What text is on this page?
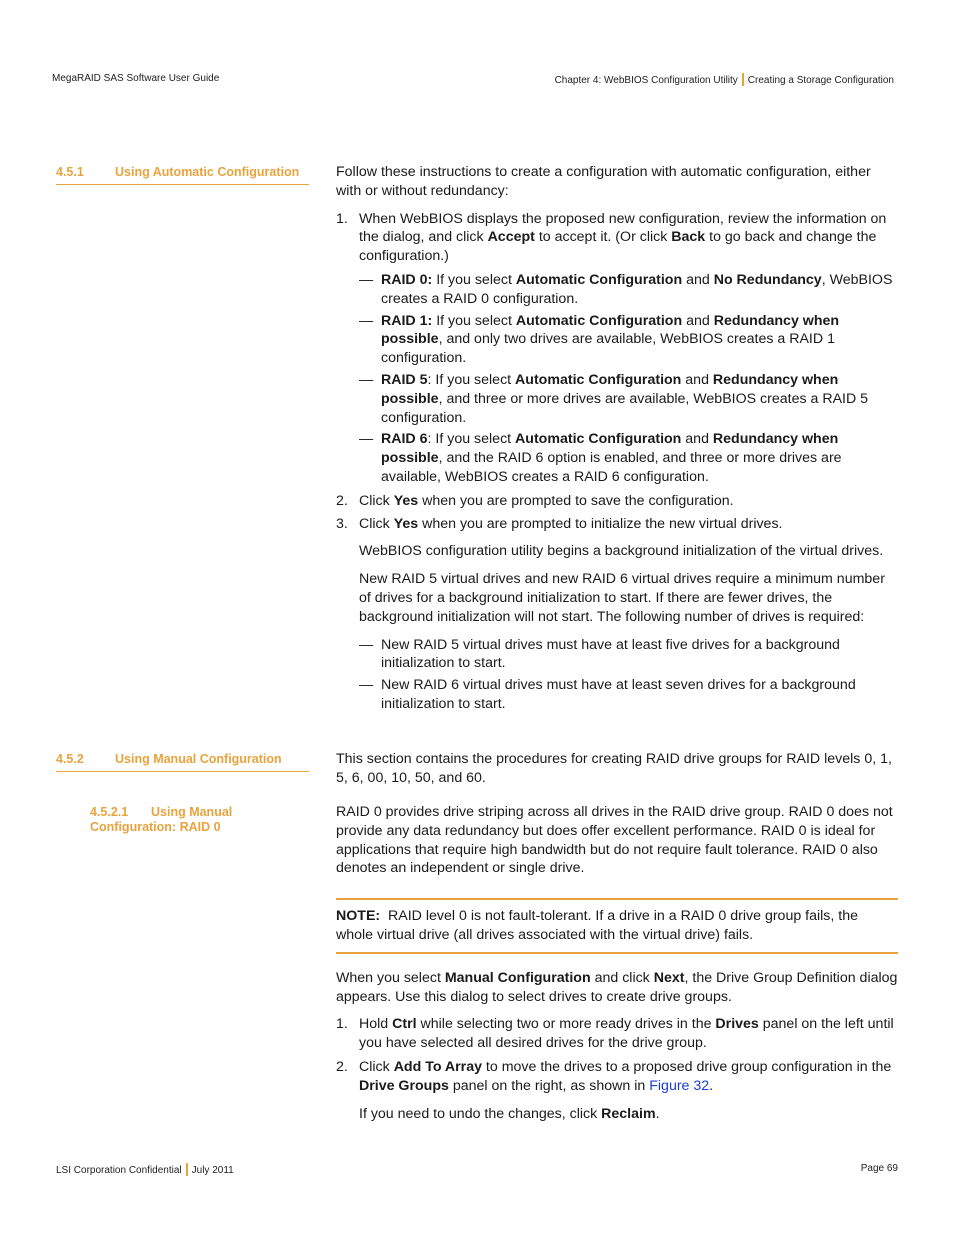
MegaRAID SAS Software User Guide	Chapter 4: WebBIOS Configuration Utility Creating a Storage Configuration
4.5.1 Using Automatic Configuration	Follow these instructions to create a configuration with automatic configuration, either with or without redundancy:

1. When WebBIOS displays the proposed new configuration, review the information on the dialog, and click Accept to accept it. (Or click Back to go back and change the configuration.)
— RAID 0: If you select Automatic Configuration and No Redundancy, WebBIOS creates a RAID 0 configuration.
— RAID 1: If you select Automatic Configuration and Redundancy when possible, and only two drives are available, WebBIOS creates a RAID 1 configuration.
— RAID 5: If you select Automatic Configuration and Redundancy when possible, and three or more drives are available, WebBIOS creates a RAID 5 configuration.
— RAID 6: If you select Automatic Configuration and Redundancy when possible, and the RAID 6 option is enabled, and three or more drives are available, WebBIOS creates a RAID 6 configuration.
2. Click Yes when you are prompted to save the configuration.
3. Click Yes when you are prompted to initialize the new virtual drives.

WebBIOS configuration utility begins a background initialization of the virtual drives.

New RAID 5 virtual drives and new RAID 6 virtual drives require a minimum number of drives for a background initialization to start. If there are fewer drives, the background initialization will not start. The following number of drives is required:

— New RAID 5 virtual drives must have at least five drives for a background initialization to start.
— New RAID 6 virtual drives must have at least seven drives for a background initialization to start.
4.5.2 Using Manual Configuration	This section contains the procedures for creating RAID drive groups for RAID levels 0, 1, 5, 6, 00, 10, 50, and 60.

4.5.2.1 Using Manual
Configuration: RAID 0

RAID 0 provides drive striping across all drives in the RAID drive group. RAID 0 does not provide any data redundancy but does offer excellent performance. RAID 0 is ideal for applications that require high bandwidth but do not require fault tolerance. RAID 0 also denotes an independent or single drive.

NOTE:  RAID level 0 is not fault-tolerant. If a drive in a RAID 0 drive group fails, the whole virtual drive (all drives associated with the virtual drive) fails.

When you select Manual Configuration and click Next, the Drive Group Definition dialog appears. Use this dialog to select drives to create drive groups.

1. Hold Ctrl while selecting two or more ready drives in the Drives panel on the left until you have selected all desired drives for the drive group.
2. Click Add To Array to move the drives to a proposed drive group configuration in the Drive Groups panel on the right, as shown in Figure 32.

If you need to undo the changes, click Reclaim.

LSI Corporation Confidential July 2011	Page 69
